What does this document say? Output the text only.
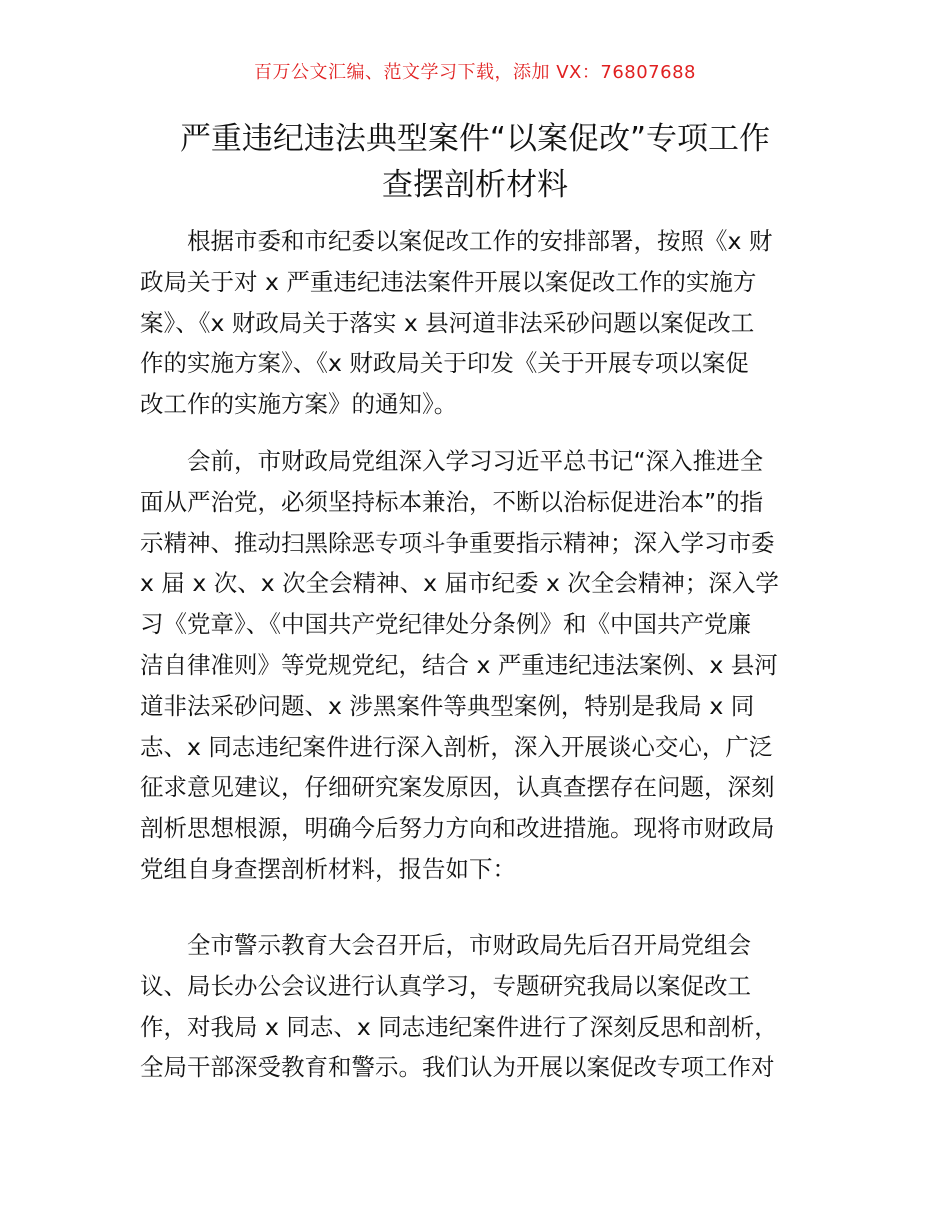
百万公文汇编、范文学习下载，添加 VX：76807688
严重违纪违法典型案件“以案促改”专项工作
查摆剖析材料
　　根据市委和市纪委以案促改工作的安排部署，按照《x 财
政局关于对 x 严重违纪违法案件开展以案促改工作的实施方
案》、《x 财政局关于落实 x 县河道非法采砂问题以案促改工
作的实施方案》、《x 财政局关于印发《关于开展专项以案促
改工作的实施方案》的通知》。
　　会前，市财政局党组深入学习习近平总书记“深入推进全
面从严治党，必须坚持标本兼治，不断以治标促进治本”的指
示精神、推动扫黑除恶专项斗争重要指示精神；深入学习市委
x 届 x 次、x 次全会精神、x 届市纪委 x 次全会精神；深入学
习《党章》、《中国共产党纪律处分条例》和《中国共产党廉
洁自律准则》等党规党纪，结合 x 严重违纪违法案例、x 县河
道非法采砂问题、x 涉黑案件等典型案例，特别是我局 x 同
志、x 同志违纪案件进行深入剖析，深入开展谈心交心，广泛
征求意见建议，仔细研究案发原因，认真查摆存在问题，深刻
剖析思想根源，明确今后努力方向和改进措施。现将市财政局
党组自身查摆剖析材料，报告如下：
　　全市警示教育大会召开后，市财政局先后召开局党组会
议、局长办公会议进行认真学习，专题研究我局以案促改工
作，对我局 x 同志、x 同志违纪案件进行了深刻反思和剖析，
全局干部深受教育和警示。我们认为开展以案促改专项工作对
